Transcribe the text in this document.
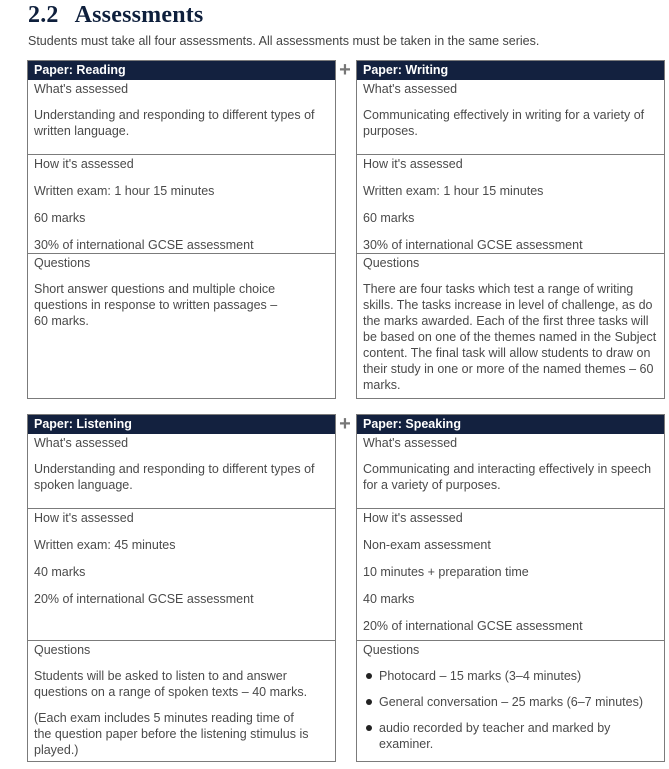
2.2 Assessments
Students must take all four assessments. All assessments must be taken in the same series.
Paper: Reading
What's assessed
Understanding and responding to different types of
written language.
How it's assessed
Written exam: 1 hour 15 minutes
60 marks
30% of international GCSE assessment
Questions
Short answer questions and multiple choice
questions in response to written passages –
60 marks.
+ Paper: Writing
What's assessed
Communicating effectively in writing for a variety of
purposes.
How it's assessed
Written exam: 1 hour 15 minutes
60 marks
30% of international GCSE assessment
Questions
There are four tasks which test a range of writing
skills. The tasks increase in level of challenge, as do
the marks awarded. Each of the first three tasks will
be based on one of the themes named in the Subject
content. The final task will allow students to draw on
their study in one or more of the named themes – 60
marks.
Paper: Listening
What's assessed
Understanding and responding to different types of
spoken language.
How it's assessed
Written exam: 45 minutes
40 marks
20% of international GCSE assessment
Questions
Students will be asked to listen to and answer
questions on a range of spoken texts – 40 marks.
(Each exam includes 5 minutes reading time of
the question paper before the listening stimulus is
played.)
+ Paper: Speaking
What's assessed
Communicating and interacting effectively in speech
for a variety of purposes.
How it's assessed
Non-exam assessment
10 minutes + preparation time
40 marks
20% of international GCSE assessment
Questions
Photocard – 15 marks (3–4 minutes)
General conversation – 25 marks (6–7 minutes)
audio recorded by teacher and marked by
examiner.
